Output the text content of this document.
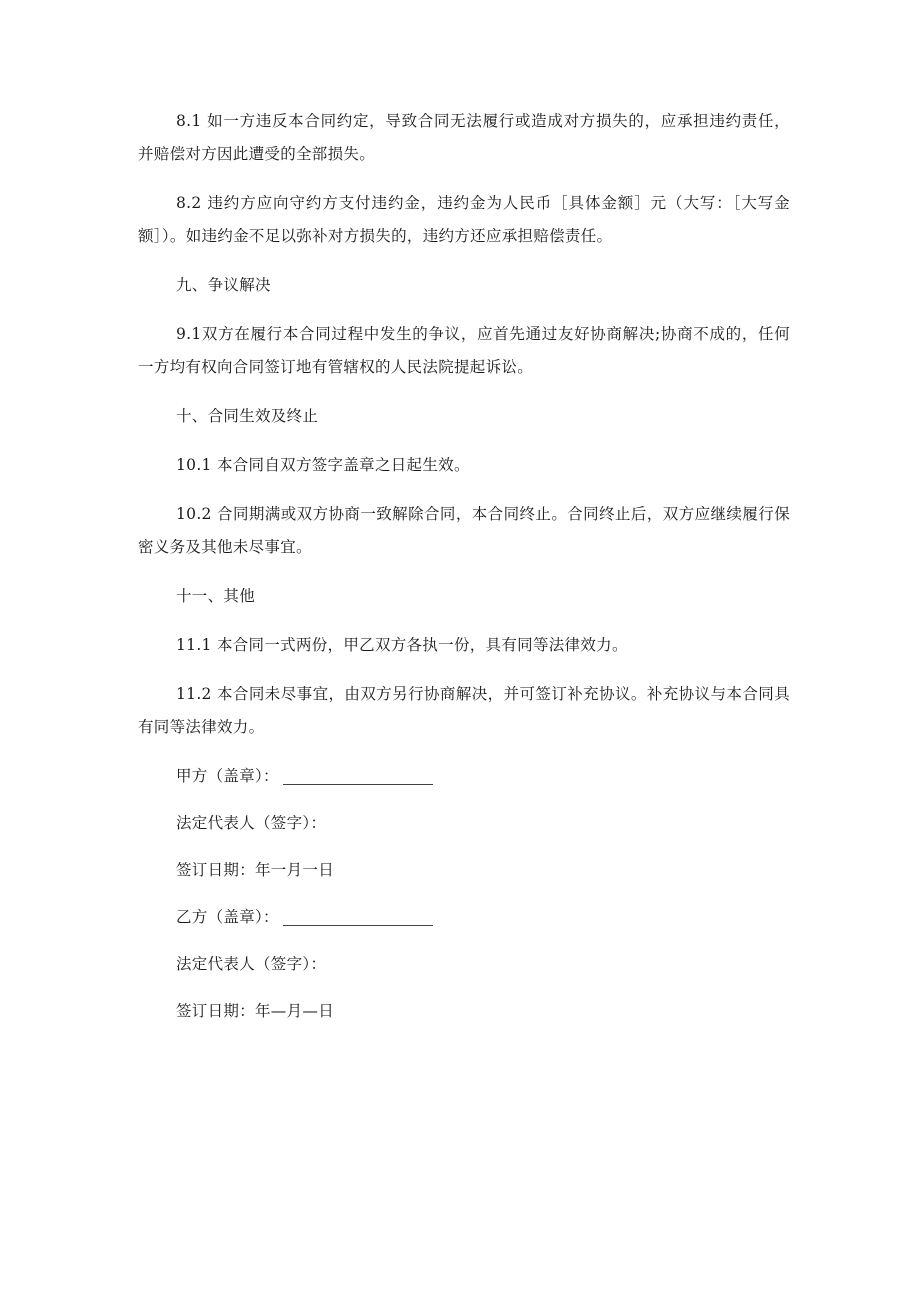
8.1 如一方违反本合同约定，导致合同无法履行或造成对方损失的，应承担违约责任，并赔偿对方因此遭受的全部损失。

8.2 违约方应向守约方支付违约金，违约金为人民币［具体金额］元（大写：［大写金额］）。如违约金不足以弥补对方损失的，违约方还应承担赔偿责任。

九、争议解决

9.1双方在履行本合同过程中发生的争议，应首先通过友好协商解决;协商不成的，任何一方均有权向合同签订地有管辖权的人民法院提起诉讼。

十、合同生效及终止

10.1 本合同自双方签字盖章之日起生效。

10.2 合同期满或双方协商一致解除合同，本合同终止。合同终止后，双方应继续履行保密义务及其他未尽事宜。

十一、其他

11.1 本合同一式两份，甲乙双方各执一份，具有同等法律效力。

11.2 本合同未尽事宜，由双方另行协商解决，并可签订补充协议。补充协议与本合同具有同等法律效力。

甲方（盖章）：
法定代表人（签字）：
签订日期：年一月一日
乙方（盖章）：
法定代表人（签字）：
签订日期：年—月—日
